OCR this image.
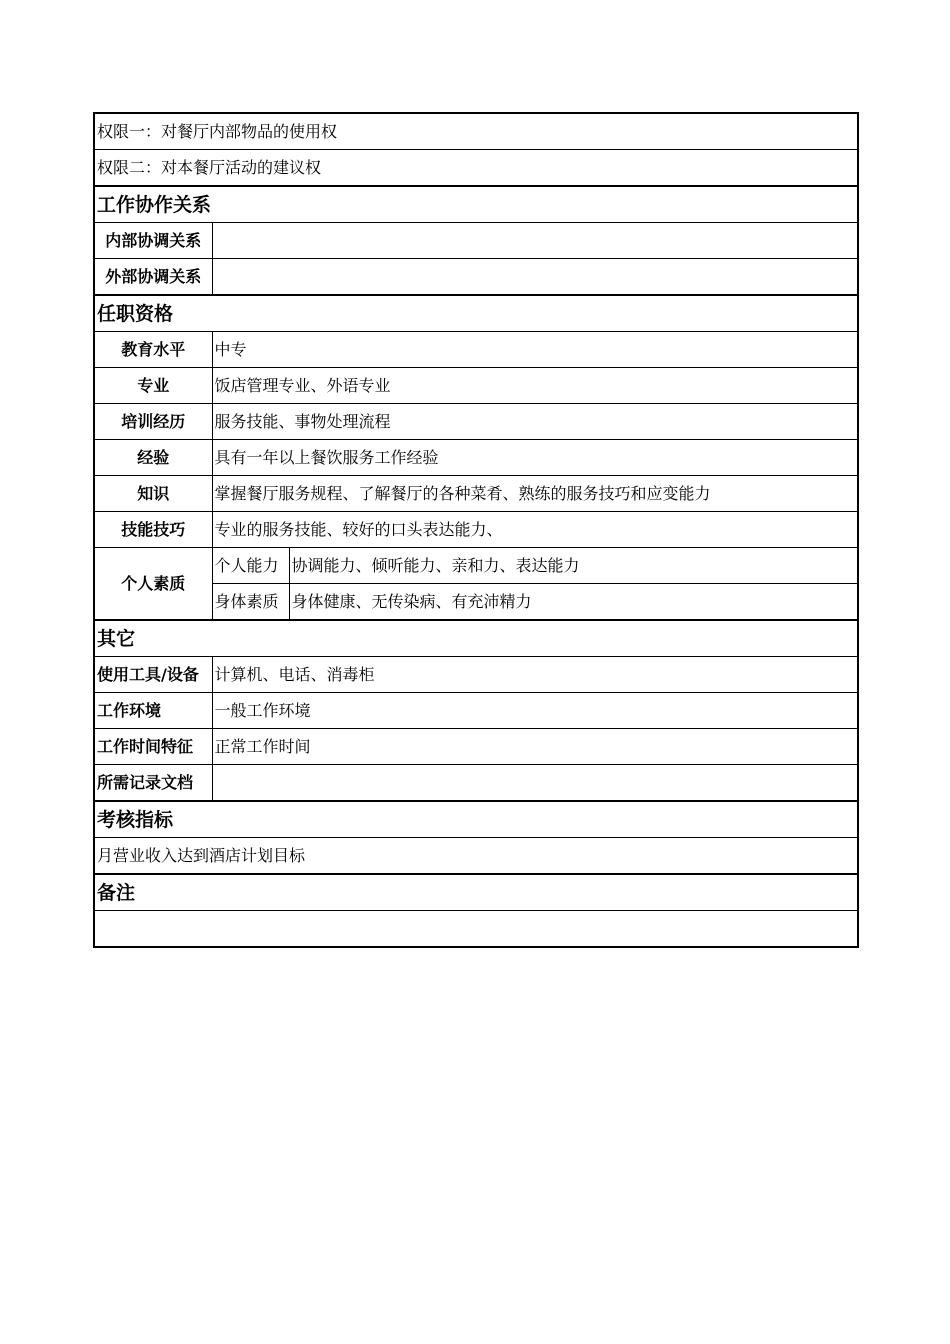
权限一：对餐厅内部物品的使用权		
权限二：对本餐厅活动的建议权		
工作协作关系		
内部协调关系		
外部协调关系		
任职资格		
教育水平	中专	
专业	饭店管理专业、外语专业	
培训经历	服务技能、事物处理流程	
经验	具有一年以上餐饮服务工作经验	
知识	掌握餐厅服务规程、了解餐厅的各种菜肴、熟练的服务技巧和应变能力	
技能技巧	专业的服务技能、较好的口头表达能力、	
个人素质	个人能力	协调能力、倾听能力、亲和力、表达能力
	身体素质	身体健康、无传染病、有充沛精力
其它		
使用工具/设备	计算机、电话、消毒柜	
工作环境	一般工作环境	
工作时间特征	正常工作时间	
所需记录文档		
考核指标		
月营业收入达到酒店计划目标		
备注		
